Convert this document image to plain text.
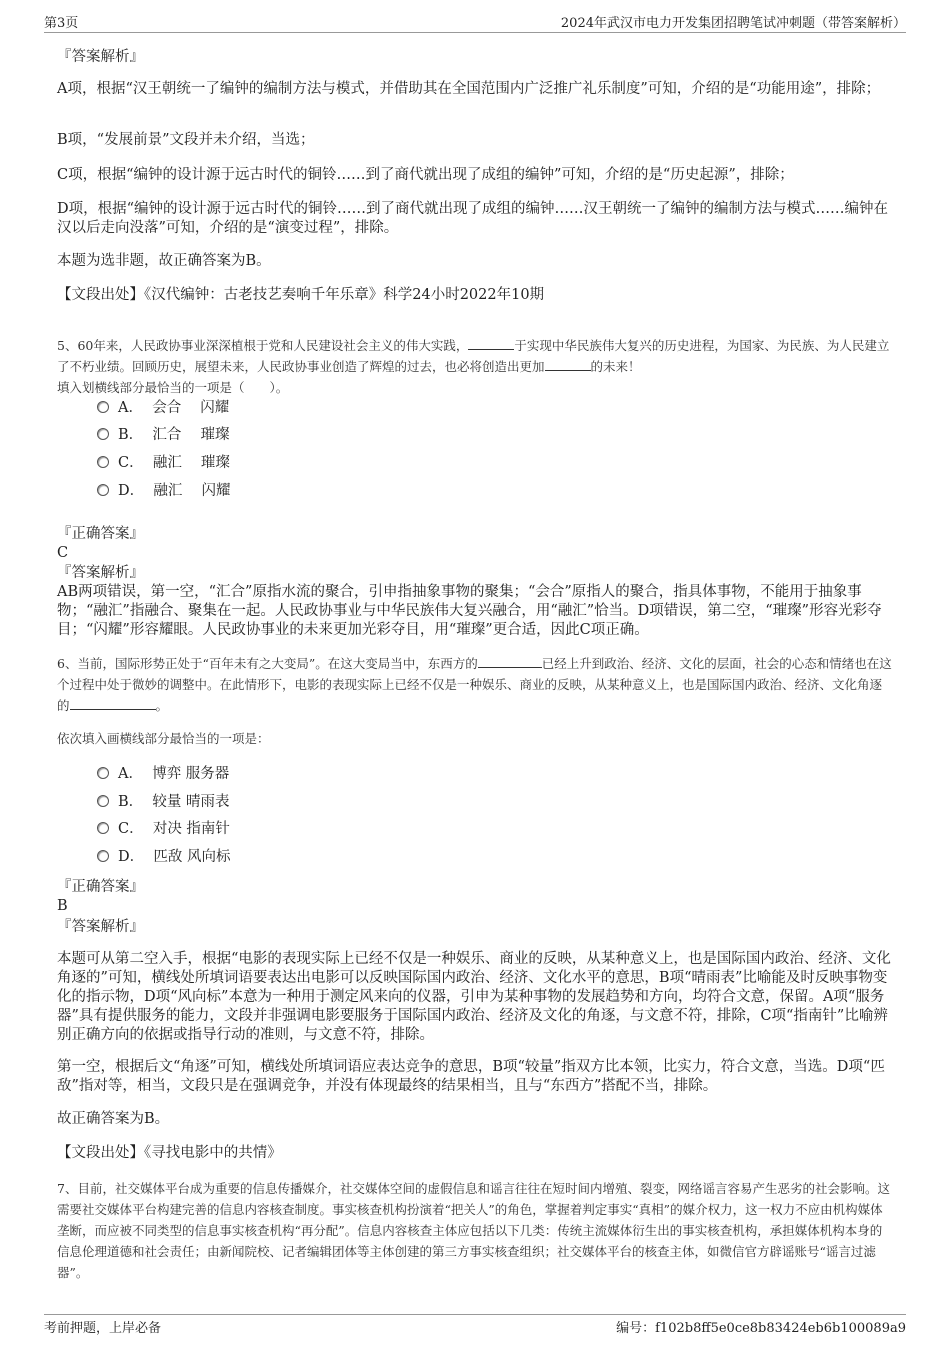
第3页	2024年武汉市电力开发集团招聘笔试冲刺题（带答案解析）
『答案解析』
A项，根据“汉王朝统一了编钟的编制方法与模式，并借助其在全国范围内广泛推广礼乐制度”可知，介绍的是“功能用途”，排除；
B项，“发展前景”文段并未介绍，当选；
C项，根据“编钟的设计源于远古时代的铜铃……到了商代就出现了成组的编钟”可知，介绍的是“历史起源”，排除；
D项，根据“编钟的设计源于远古时代的铜铃……到了商代就出现了成组的编钟……汉王朝统一了编钟的编制方法与模式……编钟在汉以后走向没落”可知，介绍的是“演变过程”，排除。
本题为选非题，故正确答案为B。
【文段出处】《汉代编钟：古老技艺奏响千年乐章》科学24小时2022年10期

5、60年来，人民政协事业深深植根于党和人民建设社会主义的伟大实践，	于实现中华民族伟大复兴的历史进程，为国家、为民族、为人民建立了不朽业绩。回顾历史，展望未来，人民政协事业创造了辉煌的过去，也必将创造出更加	的未来！
填入划横线部分最恰当的一项是（　　）。

A． 会合　 闪耀
B． 汇合　 璀璨
C． 融汇　 璀璨
D． 融汇　 闪耀
『正确答案』
C
『答案解析』
AB两项错误，第一空，“汇合”原指水流的聚合，引申指抽象事物的聚集；“会合”原指人的聚合，指具体事物，不能用于抽象事物；“融汇”指融合、聚集在一起。人民政协事业与中华民族伟大复兴融合，用“融汇”恰当。D项错误，第二空，“璀璨”形容光彩夺目；“闪耀”形容耀眼。人民政协事业的未来更加光彩夺目，用“璀璨”更合适，因此C项正确。

6、当前，国际形势正处于“百年未有之大变局”。在这大变局当中，东西方的	已经上升到政治、经济、文化的层面，社会的心态和情绪也在这个过程中处于微妙的调整中。在此情形下，电影的表现实际上已经不仅是一种娱乐、商业的反映，从某种意义上，也是国际国内政治、经济、文化角逐的	。

依次填入画横线部分最恰当的一项是：
A． 博弈 服务器
B． 较量 晴雨表
C． 对决 指南针
D． 匹敌 风向标
『正确答案』
B
『答案解析』
本题可从第二空入手，根据“电影的表现实际上已经不仅是一种娱乐、商业的反映，从某种意义上，也是国际国内政治、经济、文化角逐的”可知，横线处所填词语要表达出电影可以反映国际国内政治、经济、文化水平的意思，B项“晴雨表”比喻能及时反映事物变化的指示物，D项“风向标”本意为一种用于测定风来向的仪器，引申为某种事物的发展趋势和方向，均符合文意，保留。A项“服务器”具有提供服务的能力，文段并非强调电影要服务于国际国内政治、经济及文化的角逐，与文意不符，排除，C项“指南针”比喻辨别正确方向的依据或指导行动的准则，与文意不符，排除。
第一空，根据后文“角逐”可知，横线处所填词语应表达竞争的意思，B项“较量”指双方比本领，比实力，符合文意，当选。D项“匹敌”指对等，相当，文段只是在强调竞争，并没有体现最终的结果相当，且与“东西方”搭配不当，排除。
故正确答案为B。
【文段出处】《寻找电影中的共情》

7、目前，社交媒体平台成为重要的信息传播媒介，社交媒体空间的虚假信息和谣言往往在短时间内增殖、裂变，网络谣言容易产生恶劣的社会影响。这需要社交媒体平台构建完善的信息内容核查制度。事实核查机构扮演着“把关人”的角色，掌握着判定事实“真相”的媒介权力，这一权力不应由机构媒体垄断，而应被不同类型的信息事实核查机构“再分配”。信息内容核查主体应包括以下几类：传统主流媒体衍生出的事实核查机构，承担媒体机构本身的信息伦理道德和社会责任；由新闻院校、记者编辑团体等主体创建的第三方事实核查组织；社交媒体平台的核查主体，如微信官方辟谣账号“谣言过滤器”。

考前押题，上岸必备	编号：f102b8ff5e0ce8b83424eb6b100089a9
